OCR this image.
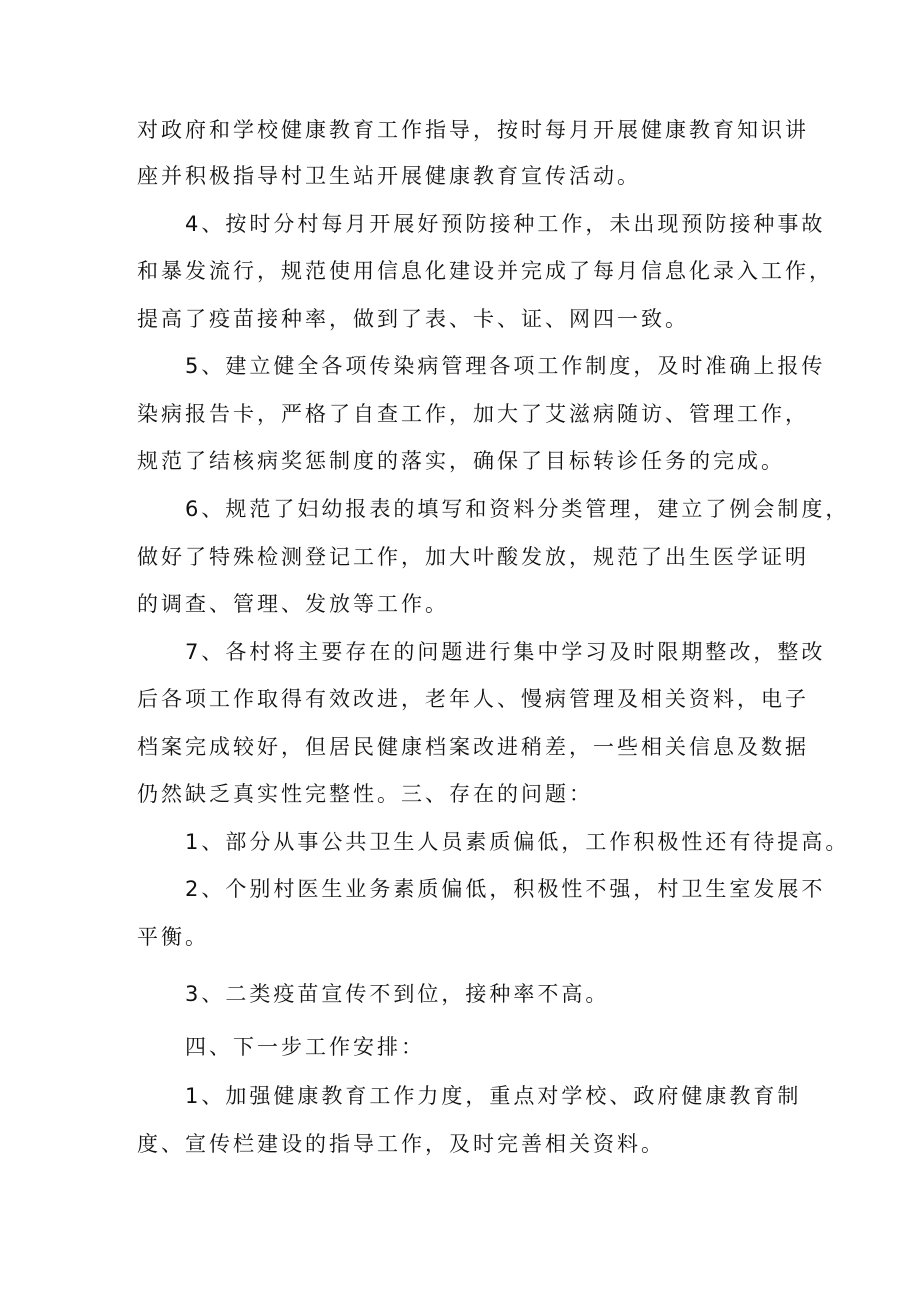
对政府和学校健康教育工作指导，按时每月开展健康教育知识讲
座并积极指导村卫生站开展健康教育宣传活动。
4、按时分村每月开展好预防接种工作，未出现预防接种事故
和暴发流行，规范使用信息化建设并完成了每月信息化录入工作，
提高了疫苗接种率，做到了表、卡、证、网四一致。
5、建立健全各项传染病管理各项工作制度，及时准确上报传
染病报告卡，严格了自查工作，加大了艾滋病随访、管理工作，
规范了结核病奖惩制度的落实，确保了目标转诊任务的完成。
6、规范了妇幼报表的填写和资料分类管理，建立了例会制度，
做好了特殊检测登记工作，加大叶酸发放，规范了出生医学证明
的调查、管理、发放等工作。
7、各村将主要存在的问题进行集中学习及时限期整改，整改
后各项工作取得有效改进，老年人、慢病管理及相关资料，电子
档案完成较好，但居民健康档案改进稍差，一些相关信息及数据
仍然缺乏真实性完整性。三、存在的问题：
1、部分从事公共卫生人员素质偏低，工作积极性还有待提高。
2、个别村医生业务素质偏低，积极性不强，村卫生室发展不
平衡。
3、二类疫苗宣传不到位，接种率不高。
四、下一步工作安排：
1、加强健康教育工作力度，重点对学校、政府健康教育制
度、宣传栏建设的指导工作，及时完善相关资料。
